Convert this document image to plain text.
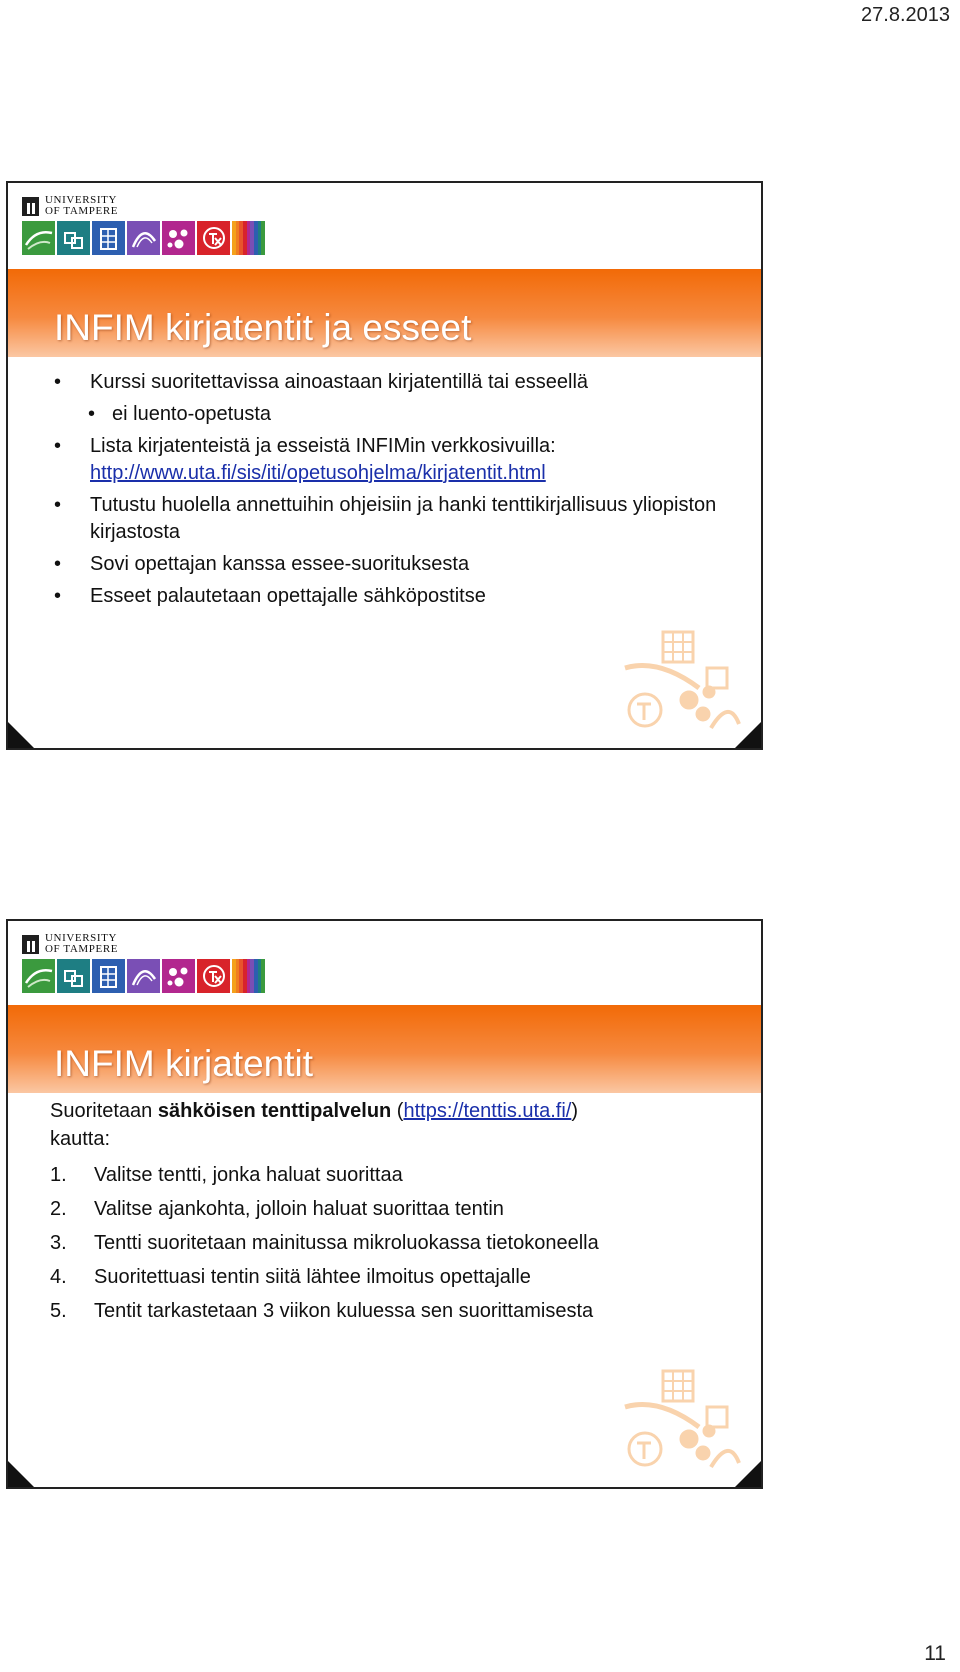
27.8.2013
UNIVERSITY
OF TAMPERE
INFIM kirjatentit ja esseet
• Kurssi suoritettavissa ainoastaan kirjatentillä tai esseellä
• ei luento-opetusta
• Lista kirjatenteistä ja esseistä INFIMin verkkosivuilla:
http://www.uta.fi/sis/iti/opetusohjelma/kirjatentit.html
• Tutustu huolella annettuihin ohjeisiin ja hanki tenttikirjallisuus yliopiston kirjastosta
• Sovi opettajan kanssa essee-suorituksesta
• Esseet palautetaan opettajalle sähköpostitse
UNIVERSITY
OF TAMPERE
INFIM kirjatentit
Suoritetaan sähköisen tenttipalvelun (https://tenttis.uta.fi/)
kautta:
1. Valitse tentti, jonka haluat suorittaa
2. Valitse ajankohta, jolloin haluat suorittaa tentin
3. Tentti suoritetaan mainitussa mikroluokassa tietokoneella
4. Suoritettuasi tentin siitä lähtee ilmoitus opettajalle
5. Tentit tarkastetaan 3 viikon kuluessa sen suorittamisesta
11
